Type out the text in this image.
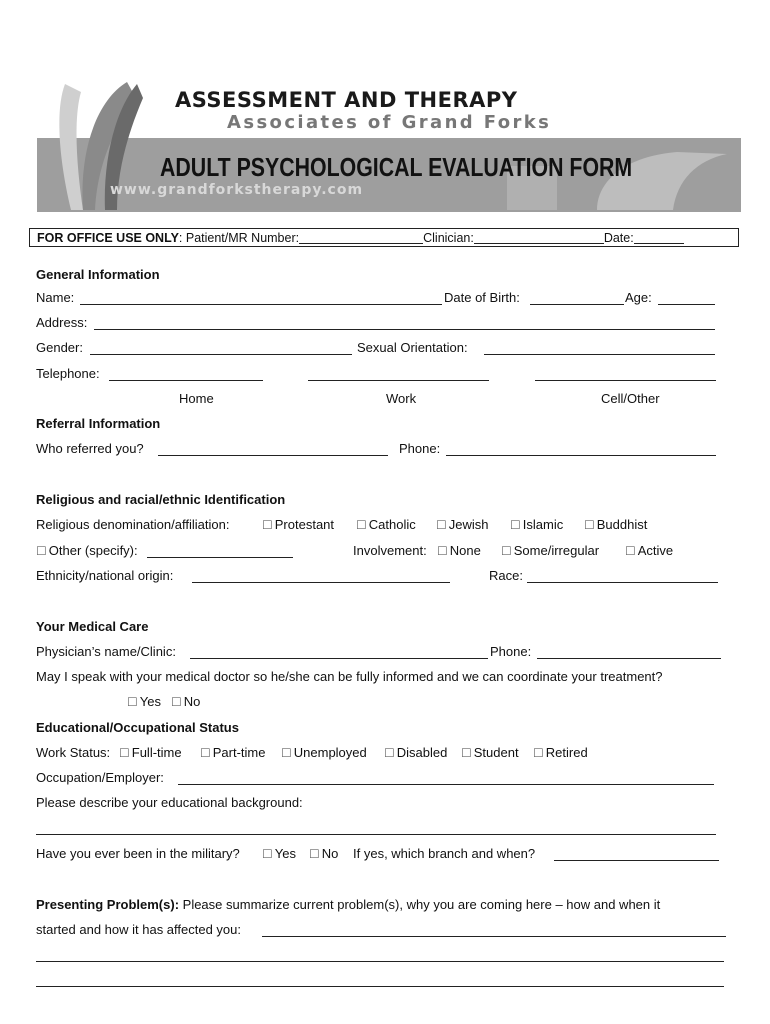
ASSESSMENT AND THERAPY
Associates of Grand Forks
ADULT PSYCHOLOGICAL EVALUATION FORM
www.grandforkstherapy.com
FOR OFFICE USE ONLY: Patient/MR Number:	Clinician:	Date:
General Information
Name:	Date of Birth:	Age:
Address:
Gender:	Sexual Orientation:
Telephone:
Home	Work	Cell/Other
Referral Information
Who referred you?	Phone:
Religious and racial/ethnic Identification
Religious denomination/affiliation:	☐ Protestant ☐ Catholic ☐ Jewish ☐ Islamic ☐ Buddhist
☐ Other (specify):	Involvement: ☐ None ☐ Some/irregular ☐ Active
Ethnicity/national origin:	Race:
Your Medical Care
Physician’s name/Clinic:	Phone:
May I speak with your medical doctor so he/she can be fully informed and we can coordinate your treatment?
☐ Yes ☐ No
Educational/Occupational Status
Work Status: ☐ Full-time ☐ Part-time ☐ Unemployed ☐ Disabled ☐ Student ☐ Retired
Occupation/Employer:
Please describe your educational background:
Have you ever been in the military? ☐ Yes ☐ No If yes, which branch and when?
Presenting Problem(s): Please summarize current problem(s), why you are coming here – how and when it
started and how it has affected you:
